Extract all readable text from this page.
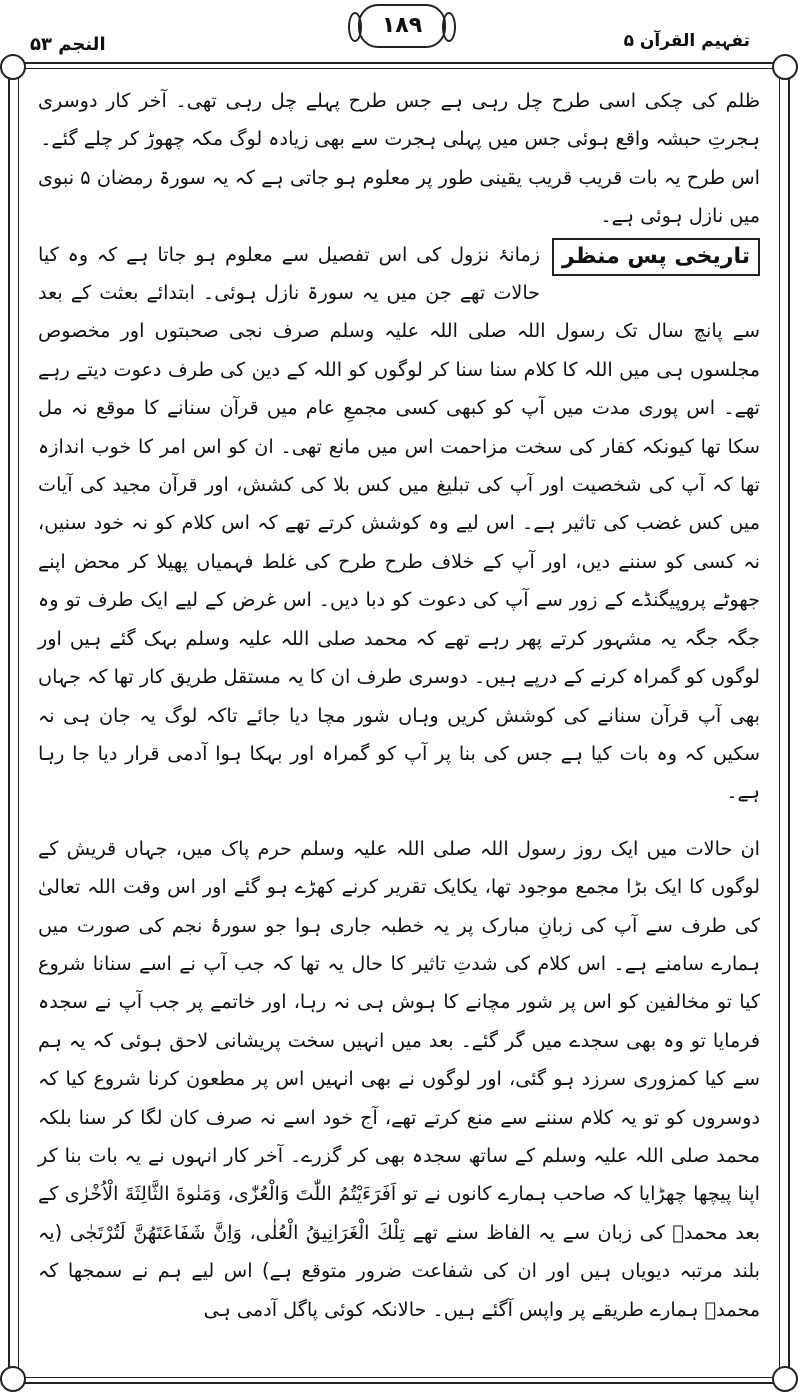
تفہیم القرآن ۵
۱۸۹
النجم ۵۳

ظلم کی چکی اسی طرح چل رہی ہے جس طرح پہلے چل رہی تھی۔ آخر کار دوسری ہجرتِ حبشہ واقع ہوئی جس میں پہلی ہجرت سے بھی زیادہ لوگ مکہ چھوڑ کر چلے گئے۔

اس طرح یہ بات قریب قریب یقینی طور پر معلوم ہو جاتی ہے کہ یہ سورۃ رمضان ۵ نبوی میں نازل ہوئی ہے۔

تاریخی پس منظر
زمانۂ نزول کی اس تفصیل سے معلوم ہو جاتا ہے کہ وہ کیا حالات تھے جن میں یہ سورۃ نازل ہوئی۔ ابتدائے بعثت کے بعد سے پانچ سال تک رسول اللہ صلی اللہ علیہ وسلم صرف نجی صحبتوں اور مخصوص مجلسوں ہی میں اللہ کا کلام سنا سنا کر لوگوں کو اللہ کے دین کی طرف دعوت دیتے رہے تھے۔ اس پوری مدت میں آپ کو کبھی کسی مجمعِ عام میں قرآن سنانے کا موقع نہ مل سکا تھا کیونکہ کفار کی سخت مزاحمت اس میں مانع تھی۔ ان کو اس امر کا خوب اندازہ تھا کہ آپ کی شخصیت اور آپ کی تبلیغ میں کس بلا کی کشش، اور قرآن مجید کی آیات میں کس غضب کی تاثیر ہے۔ اس لیے وہ کوشش کرتے تھے کہ اس کلام کو نہ خود سنیں، نہ کسی کو سننے دیں، اور آپ کے خلاف طرح طرح کی غلط فہمیاں پھیلا کر محض اپنے جھوٹے پروپیگنڈے کے زور سے آپ کی دعوت کو دبا دیں۔ اس غرض کے لیے ایک طرف تو وہ جگہ جگہ یہ مشہور کرتے پھر رہے تھے کہ محمد صلی اللہ علیہ وسلم بہک گئے ہیں اور لوگوں کو گمراہ کرنے کے درپے ہیں۔ دوسری طرف ان کا یہ مستقل طریق کار تھا کہ جہاں بھی آپ قرآن سنانے کی کوشش کریں وہاں شور مچا دیا جائے تاکہ لوگ یہ جان ہی نہ سکیں کہ وہ بات کیا ہے جس کی بنا پر آپ کو گمراہ اور بہکا ہوا آدمی قرار دیا جا رہا ہے۔

ان حالات میں ایک روز رسول اللہ صلی اللہ علیہ وسلم حرم پاک میں، جہاں قریش کے لوگوں کا ایک بڑا مجمع موجود تھا، یکایک تقریر کرنے کھڑے ہو گئے اور اس وقت اللہ تعالیٰ کی طرف سے آپ کی زبانِ مبارک پر یہ خطبہ جاری ہوا جو سورۂ نجم کی صورت میں ہمارے سامنے ہے۔ اس کلام کی شدتِ تاثیر کا حال یہ تھا کہ جب آپ نے اسے سنانا شروع کیا تو مخالفین کو اس پر شور مچانے کا ہوش ہی نہ رہا، اور خاتمے پر جب آپ نے سجدہ فرمایا تو وہ بھی سجدے میں گر گئے۔ بعد میں انہیں سخت پریشانی لاحق ہوئی کہ یہ ہم سے کیا کمزوری سرزد ہو گئی، اور لوگوں نے بھی انہیں اس پر مطعون کرنا شروع کیا کہ دوسروں کو تو یہ کلام سننے سے منع کرتے تھے، آج خود اسے نہ صرف کان لگا کر سنا بلکہ محمد صلی اللہ علیہ وسلم کے ساتھ سجدہ بھی کر گزرے۔ آخر کار انہوں نے یہ بات بنا کر اپنا پیچھا چھڑایا کہ صاحب ہمارے کانوں نے تو اَفَرَءَيْتُمُ اللّٰتَ وَالْعُزّٰى، وَمَنٰوةَ الثَّالِثَةَ الْاُخْرٰى کے بعد محمدؐ کی زبان سے یہ الفاظ سنے تھے تِلْكَ الْغَرَانِيقُ الْعُلٰى، وَاِنَّ شَفَاعَتَهُنَّ لَتُرْتَجٰى (یہ بلند مرتبہ دیویاں ہیں اور ان کی شفاعت ضرور متوقع ہے) اس لیے ہم نے سمجھا کہ محمدؐ ہمارے طریقے پر واپس آگئے ہیں۔ حالانکہ کوئی پاگل آدمی ہی
